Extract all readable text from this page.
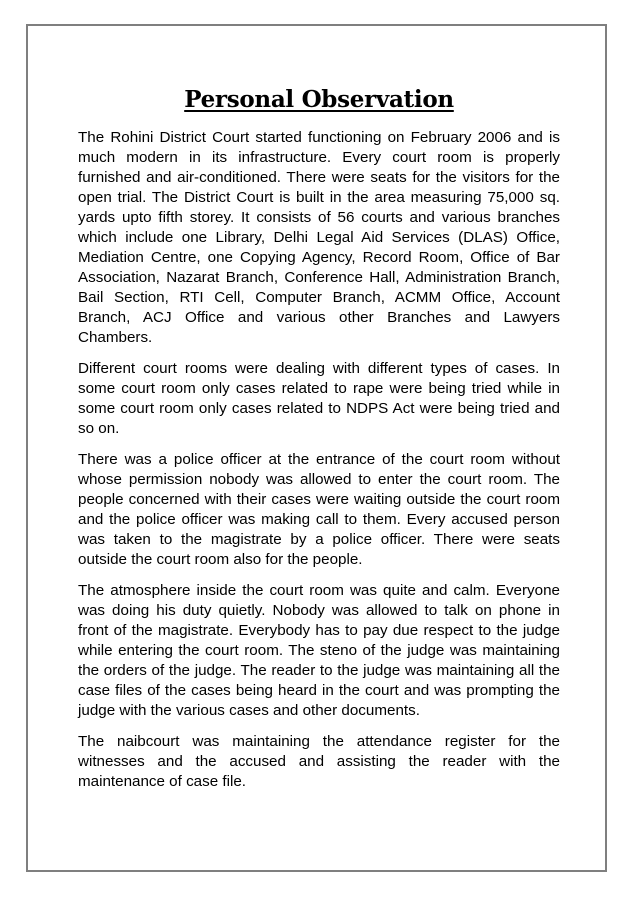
Personal Observation

The Rohini District Court started functioning on February 2006 and is much modern in its infrastructure. Every court room is properly furnished and air-conditioned. There were seats for the visitors for the open trial. The District Court is built in the area measuring 75,000 sq. yards upto fifth storey. It consists of 56 courts and various branches which include one Library, Delhi Legal Aid Services (DLAS) Office, Mediation Centre, one Copying Agency, Record Room, Office of Bar Association, Nazarat Branch, Conference Hall, Administration Branch, Bail Section, RTI Cell, Computer Branch, ACMM Office, Account Branch, ACJ Office and various other Branches and Lawyers Chambers.

Different court rooms were dealing with different types of cases. In some court room only cases related to rape were being tried while in some court room only cases related to NDPS Act were being tried and so on.

There was a police officer at the entrance of the court room without whose permission nobody was allowed to enter the court room. The people concerned with their cases were waiting outside the court room and the police officer was making call to them. Every accused person was taken to the magistrate by a police officer. There were seats outside the court room also for the people.

The atmosphere inside the court room was quite and calm. Everyone was doing his duty quietly. Nobody was allowed to talk on phone in front of the magistrate. Everybody has to pay due respect to the judge while entering the court room. The steno of the judge was maintaining the orders of the judge. The reader to the judge was maintaining all the case files of the cases being heard in the court and was prompting the judge with the various cases and other documents.

The naibcourt was maintaining the attendance register for the witnesses and the accused and assisting the reader with the maintenance of case file.
